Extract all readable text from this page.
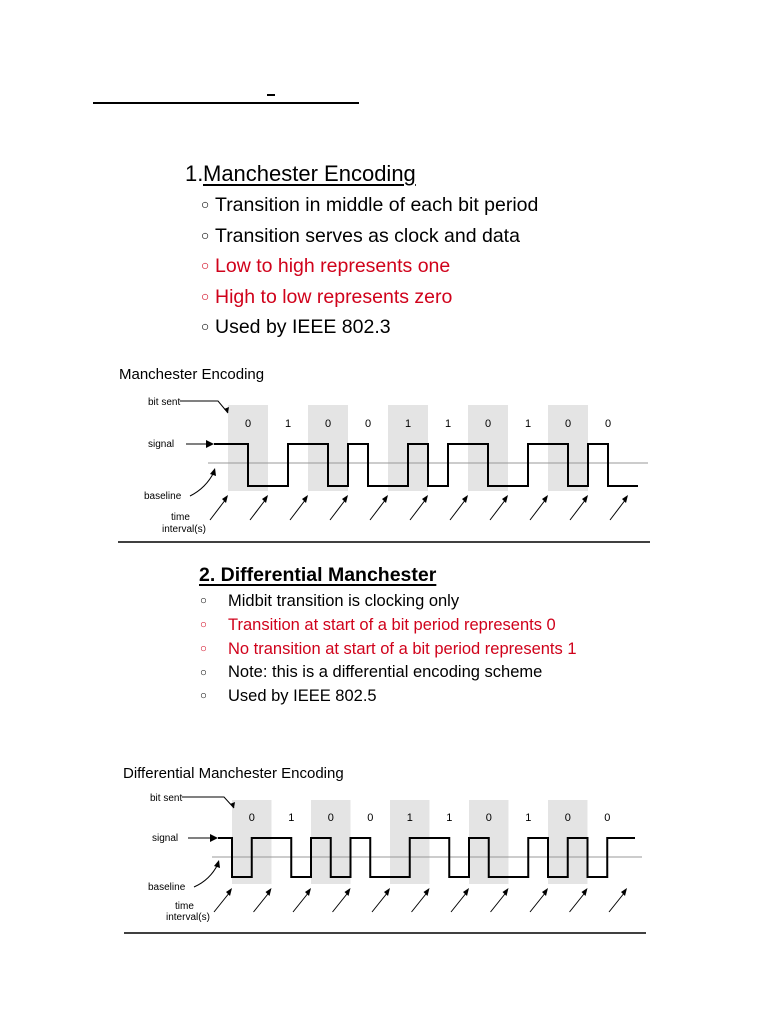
1.Manchester Encoding
○ Transition in middle of each bit period
○ Transition serves as clock and data
○ Low to high represents one
○ High to low represents zero
○ Used by IEEE 802.3
Manchester Encoding
0	1	0	0	1	1	0	1	0	0
bit sent
signal
baseline
time
interval(s)
2. Differential Manchester
○ Midbit transition is clocking only
○ Transition at start of a bit period represents 0
○ No transition at start of a bit period represents 1
○ Note: this is a differential encoding scheme
○ Used by IEEE 802.5
Differential Manchester Encoding
0	1	0	0	1	1	0	1	0	0
bit sent
signal
baseline
time
interval(s)
